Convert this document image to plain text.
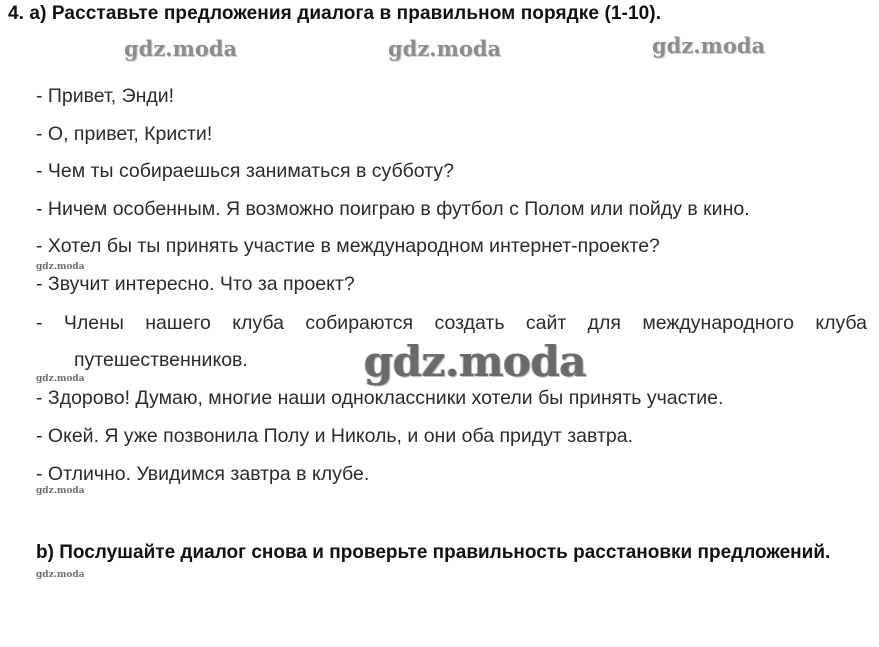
4. a) Расставьте предложения диалога в правильном порядке (1-10).
gdz.moda	gdz.moda	gdz.moda
- Привет, Энди!
- О, привет, Кристи!
- Чем ты собираешься заниматься в субботу?
- Ничем особенным. Я возможно поиграю в футбол с Полом или пойду в кино.
- Хотел бы ты принять участие в международном интернет-проекте?
gdz.moda
- Звучит интересно. Что за проект?
- Члены нашего клуба собираются создать сайт для международного клуба
путешественников.	gdz.moda
gdz.moda
- Здорово! Думаю, многие наши одноклассники хотели бы принять участие.
- Окей. Я уже позвонила Полу и Николь, и они оба придут завтра.
- Отлично. Увидимся завтра в клубе.
gdz.moda
b) Послушайте диалог снова и проверьте правильность расстановки предложений.
gdz.moda
